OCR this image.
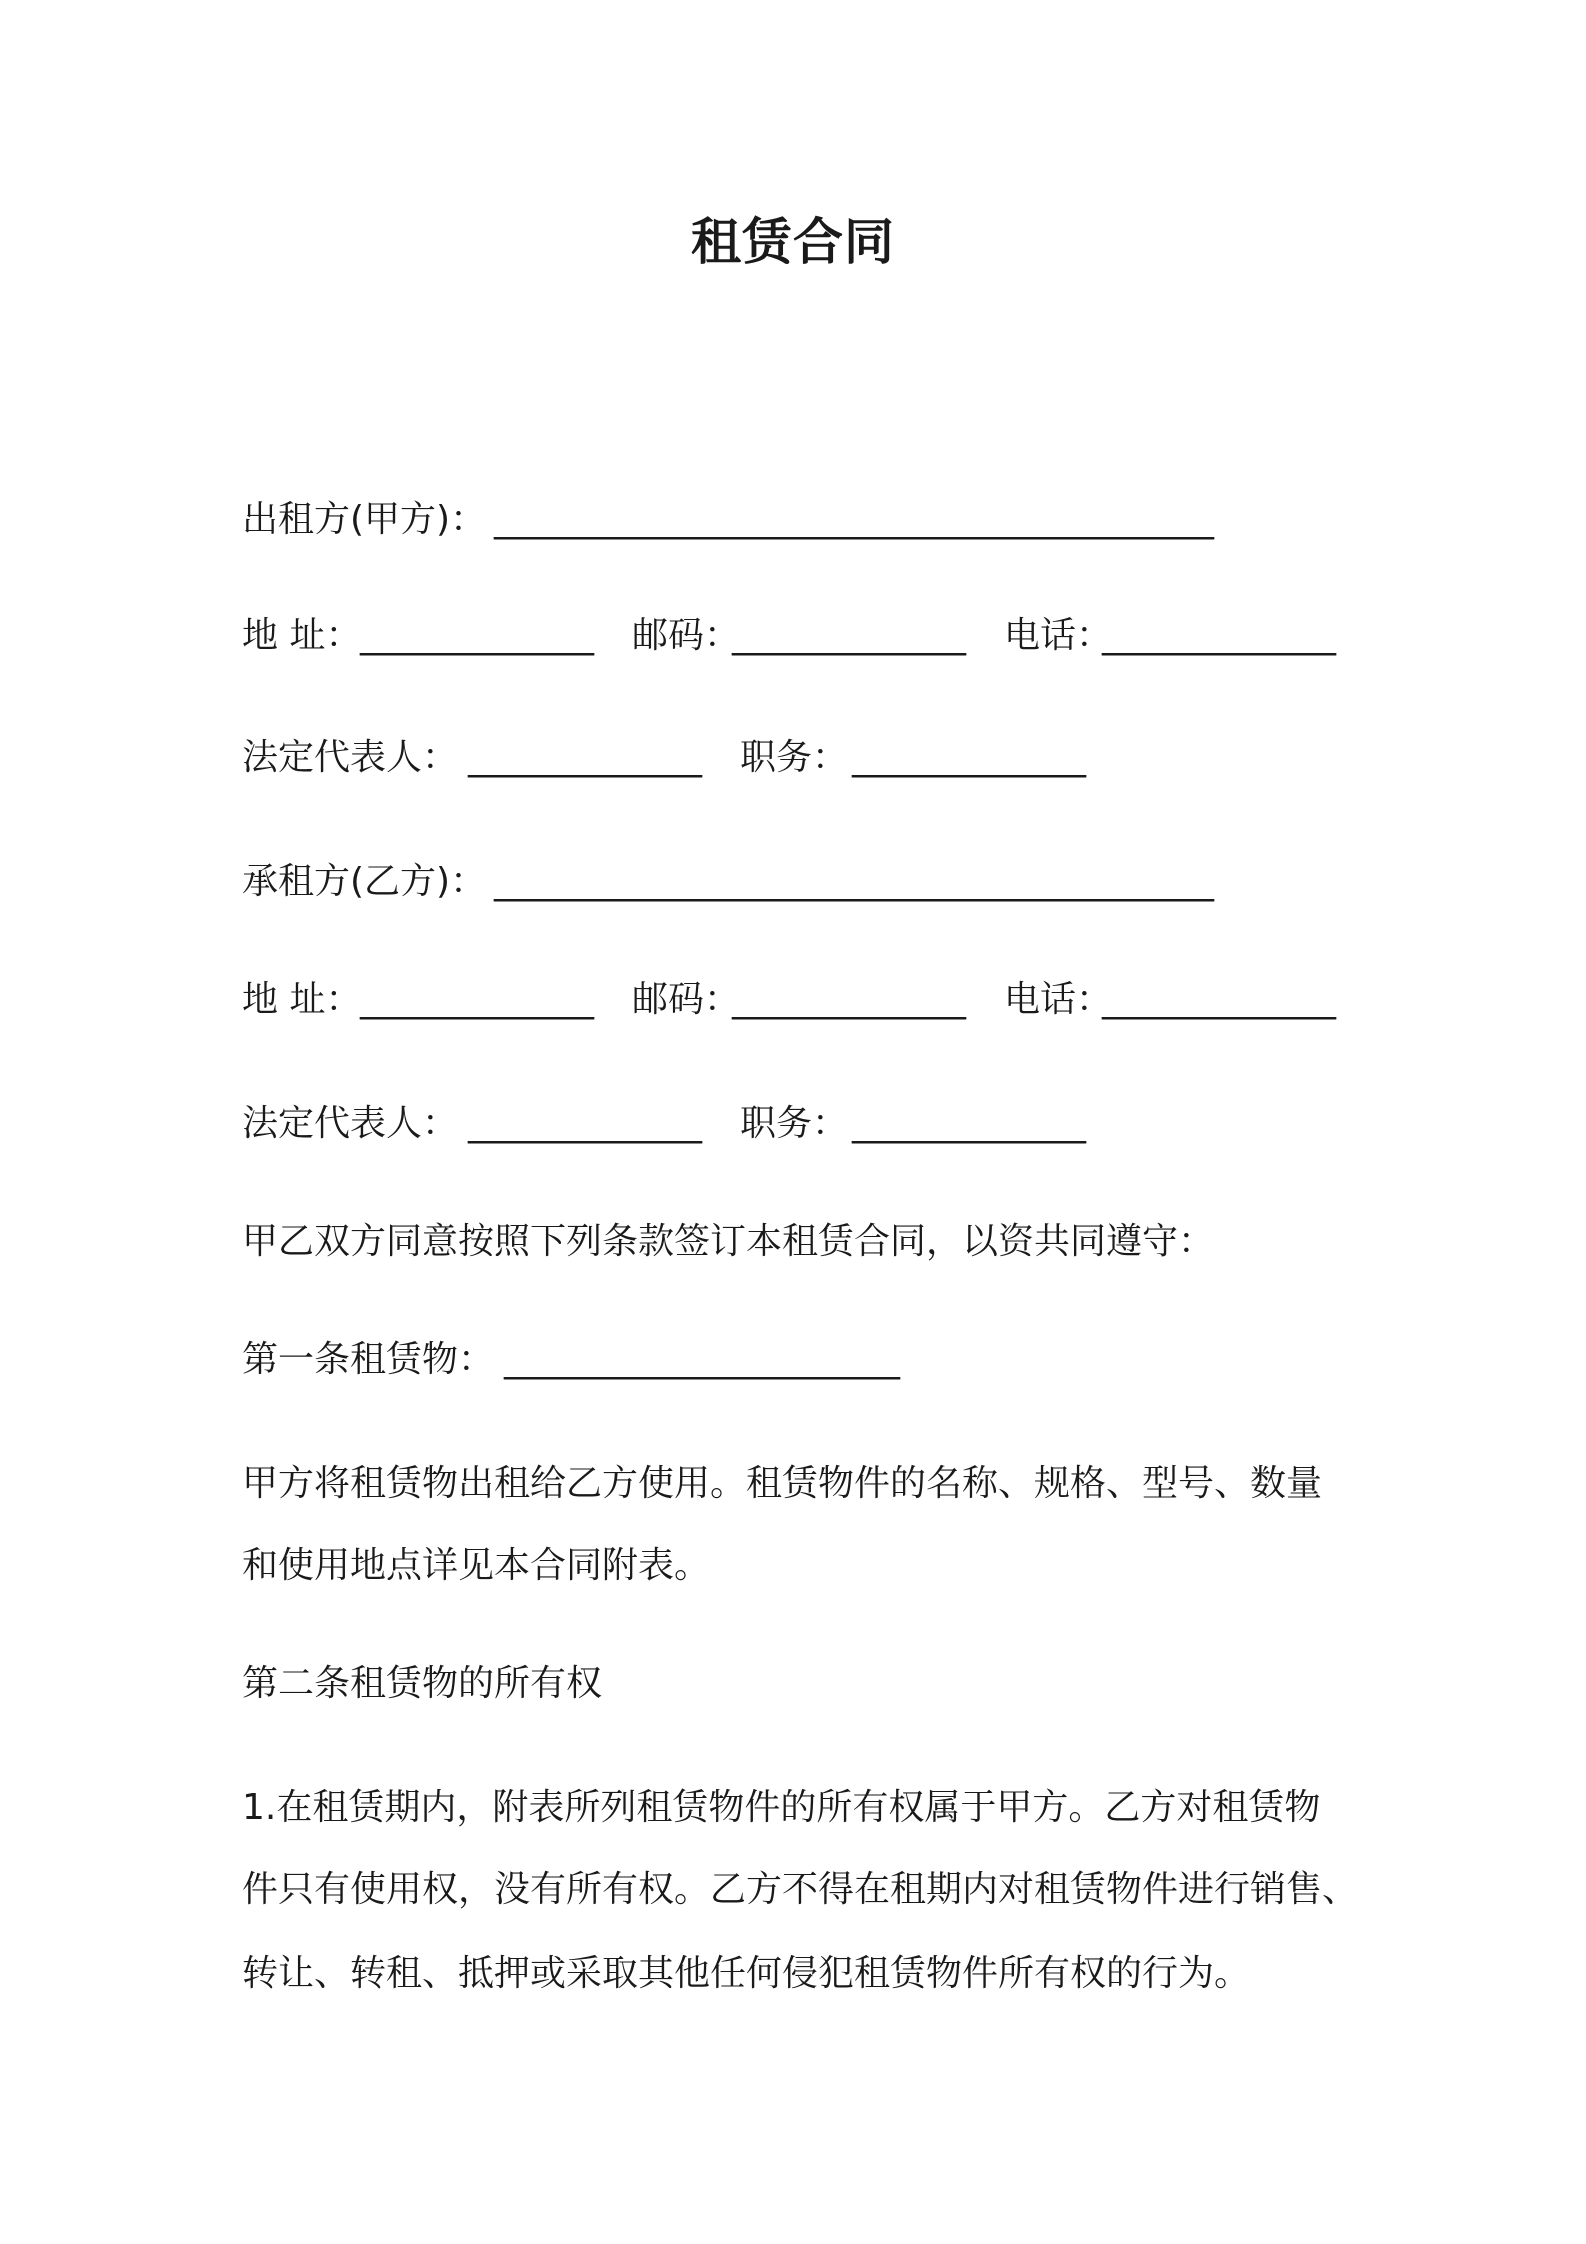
租赁合同
出租方(甲方)： ________________________________________
地 址：
_____________ 邮码：
_____________ 电话：
_____________
法定代表人： _____________ 职务： _____________
承租方(乙方)： ________________________________________
地 址：
_____________ 邮码：
_____________ 电话：
_____________
法定代表人： _____________ 职务： _____________
甲乙双方同意按照下列条款签订本租赁合同，以资共同遵守：
第一条租赁物： ______________________
甲方将租赁物出租给乙方使用。租赁物件的名称、规格、型号、数量
和使用地点详见本合同附表。
第二条租赁物的所有权
1.在租赁期内，附表所列租赁物件的所有权属于甲方。乙方对租赁物
件只有使用权，没有所有权。乙方不得在租期内对租赁物件进行销售、
转让、转租、抵押或采取其他任何侵犯租赁物件所有权的行为。
